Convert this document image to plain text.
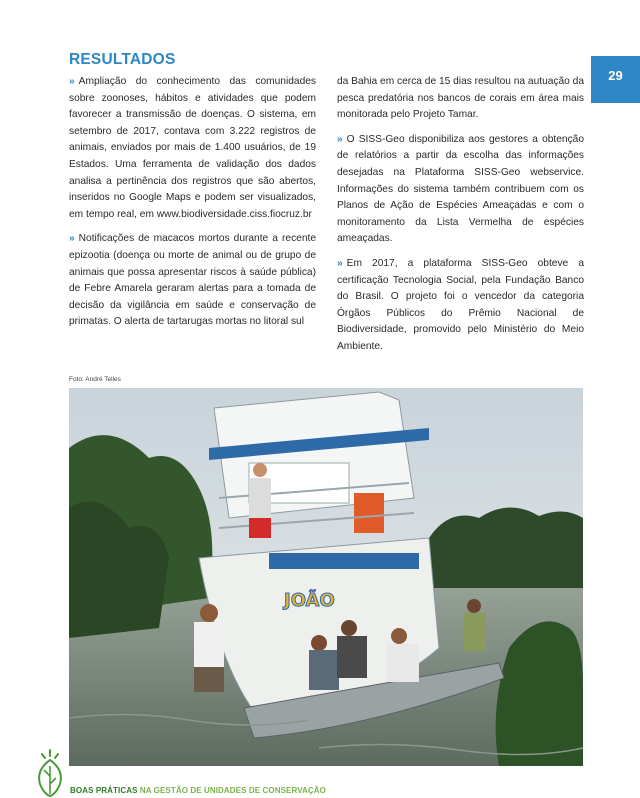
29
RESULTADOS

» Ampliação do conhecimento das comunidades sobre zoonoses, hábitos e atividades que podem favorecer a transmissão de doenças. O sistema, em setembro de 2017, contava com 3.222 registros de animais, enviados por mais de 1.400 usuários, de 19 Estados. Uma ferramenta de validação dos dados analisa a pertinência dos registros que são abertos, inseridos no Google Maps e podem ser visualizados, em tempo real, em www.biodiversidade.ciss.fiocruz.br

» Notificações de macacos mortos durante a recente epizootia (doença ou morte de animal ou de grupo de animais que possa apresentar riscos à saúde pública) de Febre Amarela geraram alertas para a tomada de decisão da vigilância em saúde e conservação de primatas. O alerta de tartarugas mortas no litoral sul

da Bahia em cerca de 15 dias resultou na autuação da pesca predatória nos bancos de corais em área mais monitorada pelo Projeto Tamar.

» O SISS-Geo disponibiliza aos gestores a obtenção de relatórios a partir da escolha das informações desejadas na Plataforma SISS-Geo webservice. Informações do sistema também contribuem com os Planos de Ação de Espécies Ameaçadas e com o monitoramento da Lista Vermelha de espécies ameaçadas.

» Em 2017, a plataforma SISS-Geo obteve a certificação Tecnologia Social, pela Fundação Banco do Brasil. O projeto foi o vencedor da categoria Órgãos Públicos do Prêmio Nacional de Biodiversidade, promovido pelo Ministério do Meio Ambiente.

Foto: André Telles
JOÃO
BOAS PRÁTICAS NA GESTÃO DE UNIDADES DE CONSERVAÇÃO
